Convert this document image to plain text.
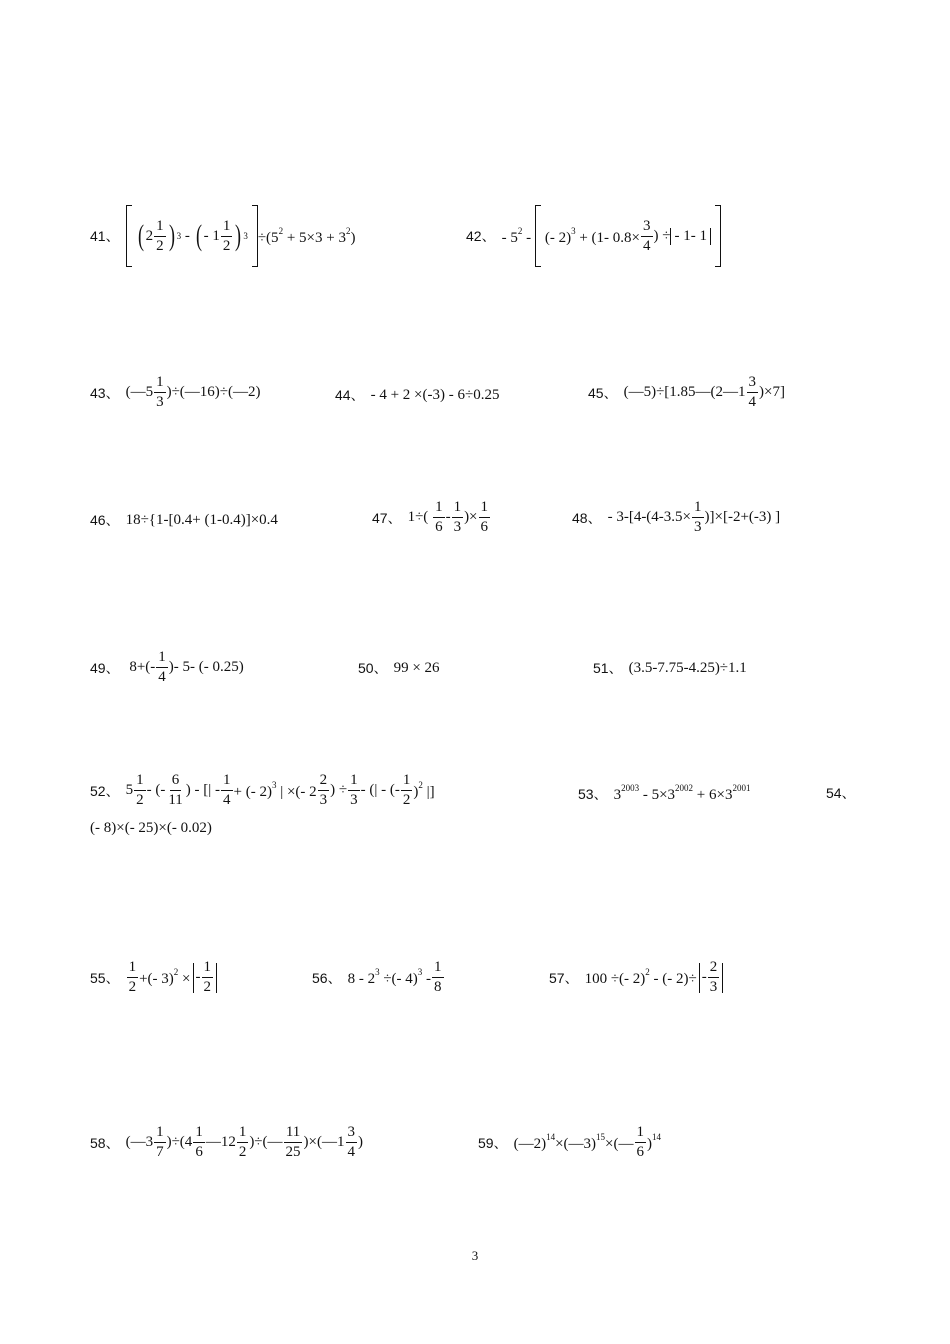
41、 ( $2 \frac{1}{2}$ ) 3 - ( - $1 \frac{1}{2}$ ) $3 \div(5^2 + 5\times 3 + 3^2)$	42、 - $5^2$ - (- 2)$^3$ + (1- $0.8\times \frac{3}{4}$ ) ÷ - 1- 1
43、 (—5 $\frac{1}{3}$ )÷(—16)÷(—2)	44、 - 4 + 2 ×(-3) - 6÷0.25	45、 (—5)÷[1.85—(2—1 $\frac{3}{4} )\times 7$]
46、 18÷{1-[0.4+ (1-0.4)]×0.4	47、 $1\div( \frac{1}{6} - \frac{1}{3}$ )× $\frac{1}{6}$	48、 - $3-[4-(4-3.5\times \frac{1}{3} )]\times[-2+(-3)$ ]
49、 $8+(- \frac{1}{4}$ )- 5- (- 0.25)	50、 99 × 26	51、 (3.5-7.75-4.25)÷1.1
52、 $5 \frac{1}{2}$ - (- $\frac{6}{11}$ ) - [| - $\frac{1}{4}$ + (- 2)$^3$ | ×(- $2 \frac{2}{3}$ ) ÷ $\frac{1}{3}$ - (| - (- $\frac{1}{2} )^2$ |]	53、 $3^{2003} - 5\times 3^{2002} + 6\times 3^{2001}$	54、
(- 8)×(- 25)×(- 0.02)
55、 $\frac{1}{2}$ +(- 3)$^2$ × - $\frac{1}{2}$	56、 $8 - 2^3$ ÷(- $4)^3 - \frac{1}{8}$	57、 100 ÷(- 2)$^2$ - (- $2)\div - \frac{2}{3}$
58、 (—3 $\frac{1}{7} )\div(4 \frac{1}{6}$ —12 $\frac{1}{2}$ )÷(— $\frac{11}{25}$ )×(—1 $\frac{3}{4}$ )	59、 (—2)$^{14}$×(—3)$^{15}$×(— $\frac{1}{6} )^{14}$
3
